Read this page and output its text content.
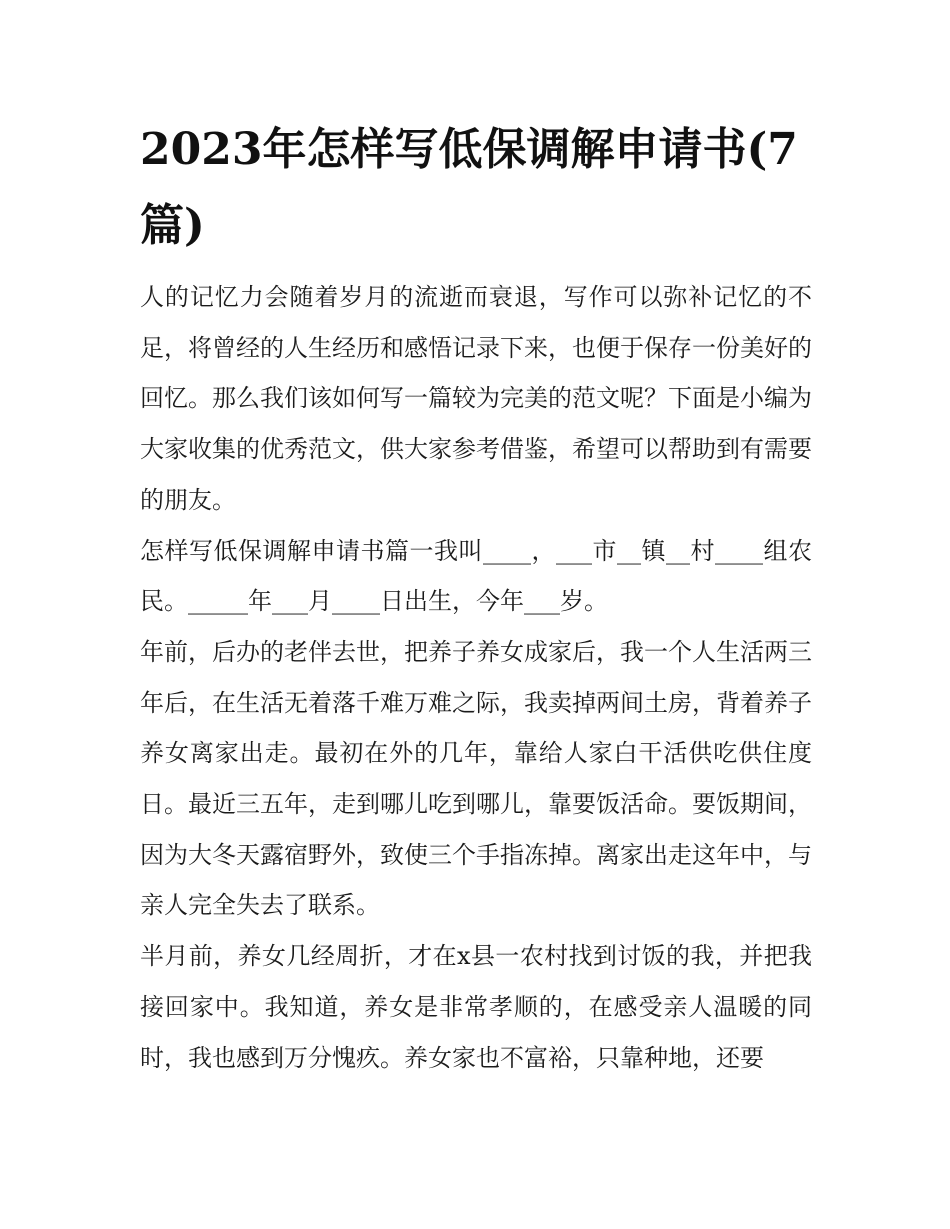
2023年怎样写低保调解申请书(7篇)

人的记忆力会随着岁月的流逝而衰退，写作可以弥补记忆的不足，将曾经的人生经历和感悟记录下来，也便于保存一份美好的回忆。那么我们该如何写一篇较为完美的范文呢？下面是小编为大家收集的优秀范文，供大家参考借鉴，希望可以帮助到有需要的朋友。

怎样写低保调解申请书篇一我叫____，___市__镇__村____组农民。_____年___月____日出生，今年___岁。

年前，后办的老伴去世，把养子养女成家后，我一个人生活两三年后，在生活无着落千难万难之际，我卖掉两间土房，背着养子养女离家出走。最初在外的几年，靠给人家白干活供吃供住度日。最近三五年，走到哪儿吃到哪儿，靠要饭活命。要饭期间，因为大冬天露宿野外，致使三个手指冻掉。离家出走这年中，与亲人完全失去了联系。

半月前，养女几经周折，才在x县一农村找到讨饭的我，并把我接回家中。我知道，养女是非常孝顺的，在感受亲人温暖的同时，我也感到万分愧疚。养女家也不富裕，只靠种地，还要
